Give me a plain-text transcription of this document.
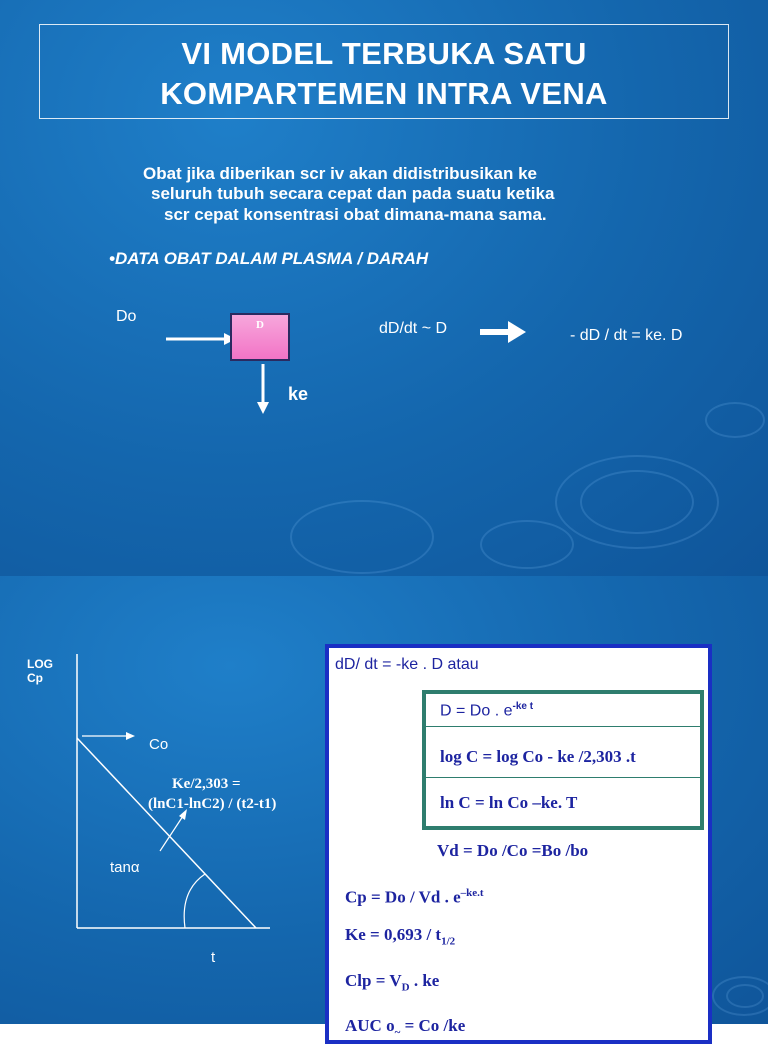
VI MODEL TERBUKA SATU
KOMPARTEMEN INTRA VENA
Obat jika diberikan scr iv akan didistribusikan ke
seluruh tubuh secara cepat dan pada suatu ketika
scr cepat konsentrasi obat dimana-mana sama.
•DATA OBAT DALAM PLASMA / DARAH
Do	D
ke
dD/dt ~ D	- dD / dt = ke. D
LOG
Cp
Co
Ke/2,303 =
(lnC1-lnC2) / (t2-t1)
tanα
t
dD/ dt = -ke . D atau
D = Do . $e^{-ke t}$
log C = log Co - ke /2,303 .t
ln C = ln Co –ke. T
Vd = Do /Co =Bo /bo
Cp = Do / Vd . $e^{-ke.t}$
$Ke = 0,693 / t_{1/2}$
Clp = $V_D$ . ke
AUC $o_\sim = Co$ /ke
